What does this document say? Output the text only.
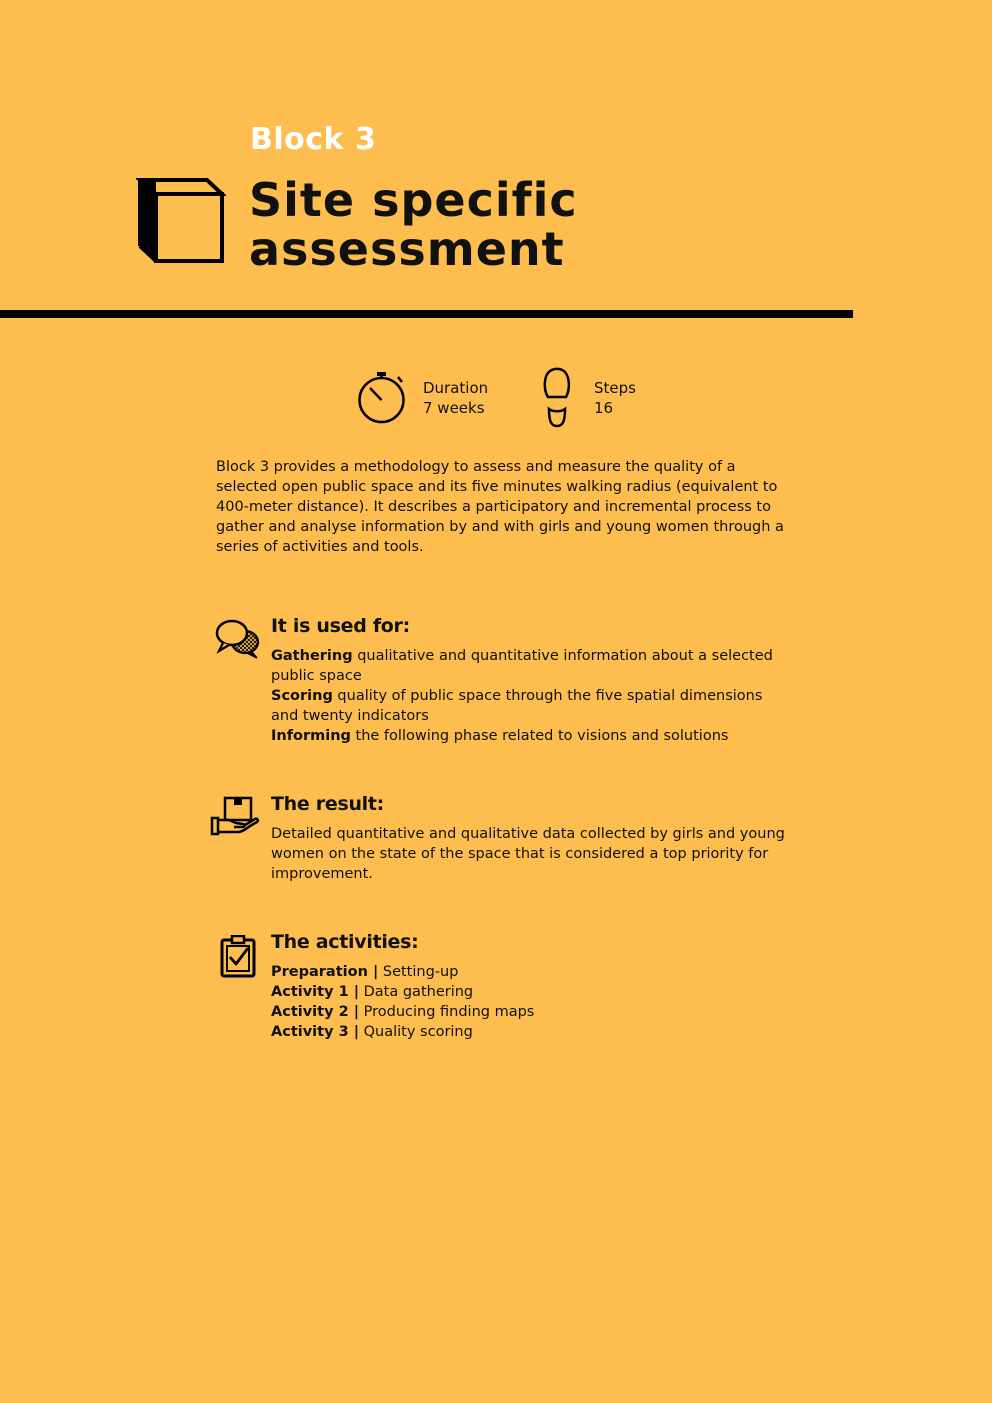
Block 3
Site specific
assessment
Duration
7 weeks
Steps
16

Block 3 provides a methodology to assess and measure the quality of a selected open public space and its five minutes walking radius (equivalent to 400-meter distance). It describes a participatory and incremental process to gather and analyse information by and with girls and young women through a series of activities and tools.

It is used for:

Gathering qualitative and quantitative information about a selected public space

Scoring quality of public space through the five spatial dimensions and twenty indicators

Informing the following phase related to visions and solutions

The result:

Detailed quantitative and qualitative data collected by girls and young women on the state of the space that is considered a top priority for improvement.

The activities:

Preparation | Setting-up

Activity 1 | Data gathering

Activity 2 | Producing finding maps

Activity 3 | Quality scoring
